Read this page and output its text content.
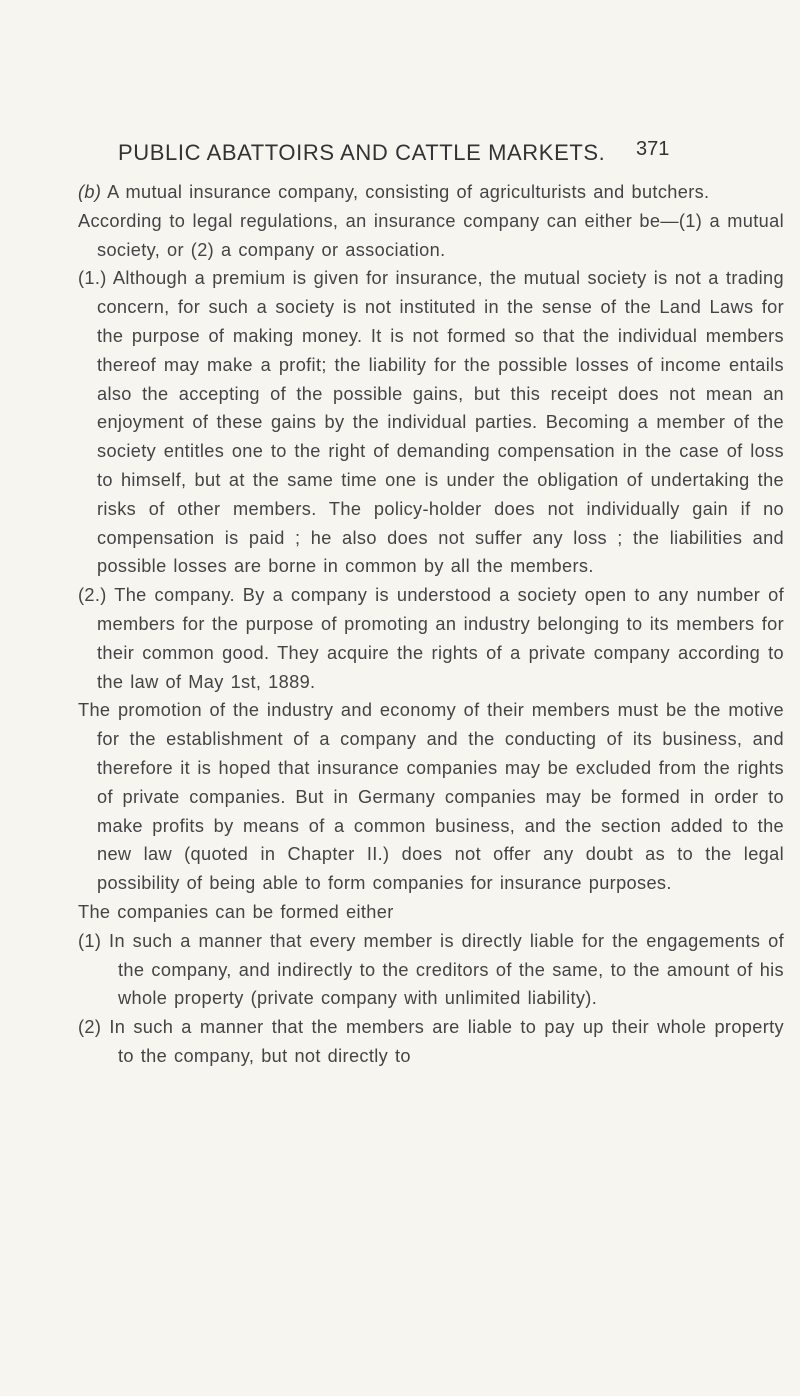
PUBLIC ABATTOIRS AND CATTLE MARKETS.	371

(b) A mutual insurance company, consisting of agriculturists and butchers.

According to legal regulations, an insurance company can either be—(1) a mutual society, or (2) a company or association.

(1.) Although a premium is given for insurance, the mutual society is not a trading concern, for such a society is not instituted in the sense of the Land Laws for the purpose of making money. It is not formed so that the individual members thereof may make a profit; the liability for the possible losses of income entails also the accepting of the possible gains, but this receipt does not mean an enjoyment of these gains by the individual parties. Becoming a member of the society entitles one to the right of demanding compensation in the case of loss to himself, but at the same time one is under the obligation of undertaking the risks of other members. The policy-holder does not individually gain if no compensation is paid ; he also does not suffer any loss ; the liabilities and possible losses are borne in common by all the members.

(2.) The company. By a company is understood a society open to any number of members for the purpose of promoting an industry belonging to its members for their common good. They acquire the rights of a private company according to the law of May 1st, 1889.

The promotion of the industry and economy of their members must be the motive for the establishment of a company and the conducting of its business, and therefore it is hoped that insurance companies may be excluded from the rights of private companies. But in Germany companies may be formed in order to make profits by means of a common business, and the section added to the new law (quoted in Chapter II.) does not offer any doubt as to the legal possibility of being able to form companies for insurance purposes.

The companies can be formed either

(1) In such a manner that every member is directly liable for the engagements of the company, and indirectly to the creditors of the same, to the amount of his whole property (private company with unlimited liability).

(2) In such a manner that the members are liable to pay up their whole property to the company, but not directly to
